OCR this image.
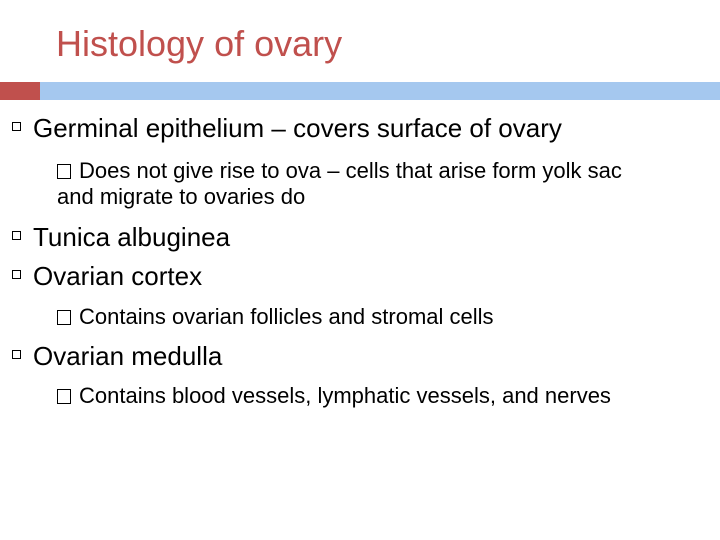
Histology of ovary
Germinal epithelium – covers surface of ovary
Does not give rise to ova – cells that arise form yolk sac
and migrate to ovaries do
Tunica albuginea
Ovarian cortex
Contains ovarian follicles and stromal cells
Ovarian medulla
Contains blood vessels, lymphatic vessels, and nerves
